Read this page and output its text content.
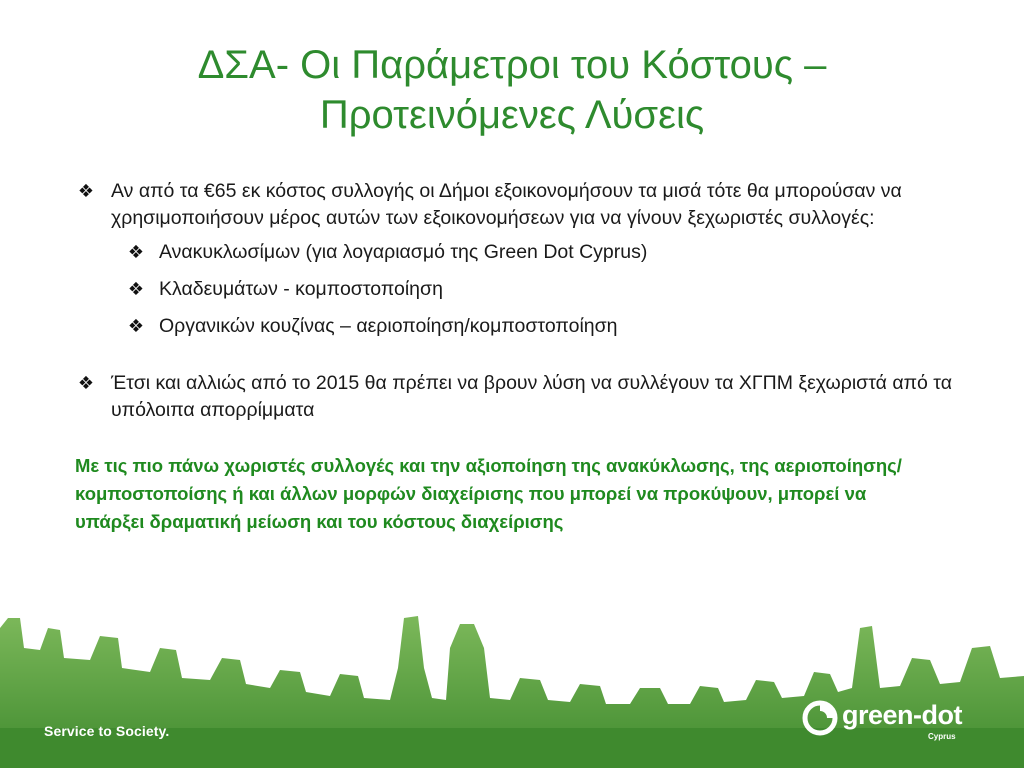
ΔΣΑ- Οι Παράμετροι του Κόστους –
Προτεινόμενες Λύσεις
❖ Αν από τα €65 εκ κόστος συλλογής οι Δήμοι εξοικονομήσουν τα μισά τότε θα μπορούσαν να χρησιμοποιήσουν μέρος αυτών των εξοικονομήσεων για να γίνουν ξεχωριστές συλλογές:
❖ Ανακυκλωσίμων (για λογαριασμό της Green Dot Cyprus)
❖ Κλαδευμάτων - κομποστοποίηση
❖ Οργανικών κουζίνας – αεριοποίηση/κομποστοποίηση
❖ Έτσι και αλλιώς από το 2015 θα πρέπει να βρουν λύση να συλλέγουν τα ΧΓΠΜ ξεχωριστά από τα υπόλοιπα απορρίμματα
Με τις πιο πάνω χωριστές συλλογές και την αξιοποίηση της ανακύκλωσης, της αεριοποίησης/κομποστοποίσης ή και άλλων μορφών διαχείρισης που μπορεί να προκύψουν, μπορεί να υπάρξει δραματική μείωση και του κόστους διαχείρισης
Service to Society.
green-dot
Cyprus
